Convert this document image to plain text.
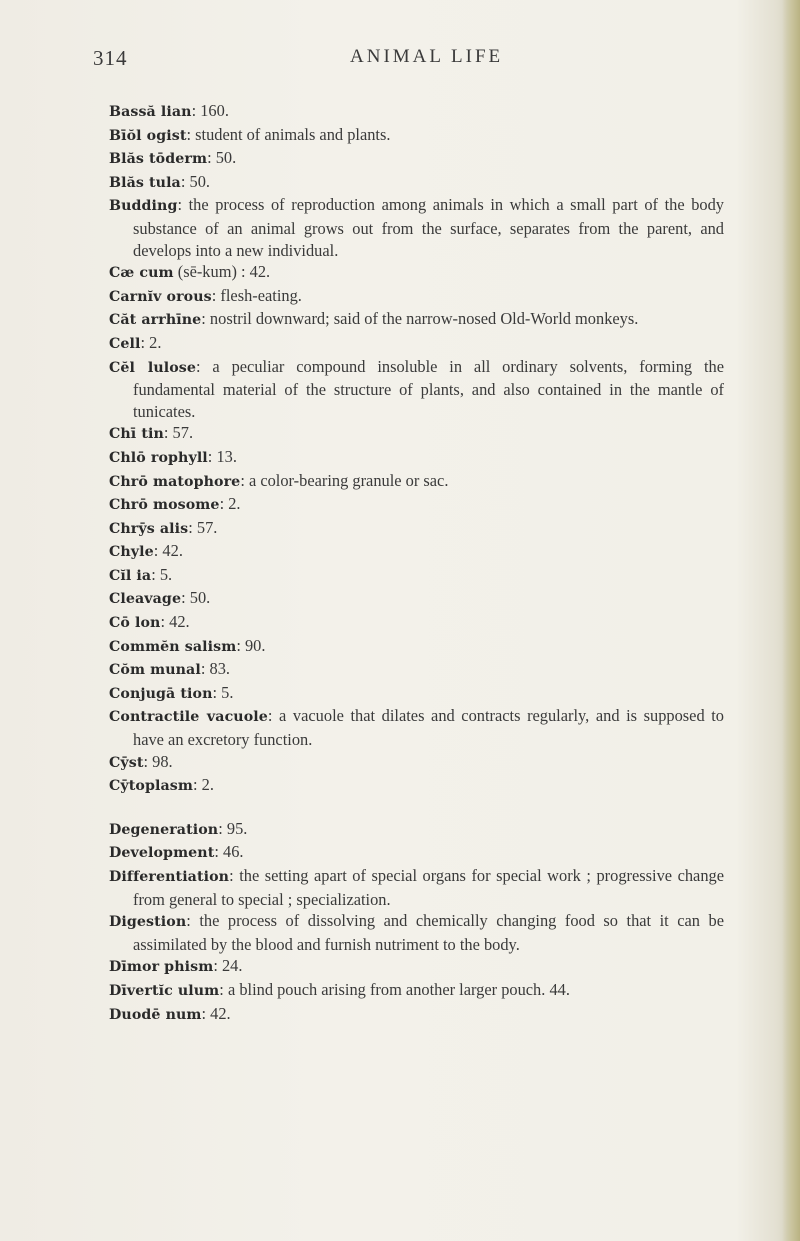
314	ANIMAL LIFE
Bassă lian: 160.
Bīŏl ogist: student of animals and plants.
Blăs tōderm: 50.
Blăs tula: 50.
Budding: the process of reproduction among animals in which a small part of the body substance of an animal grows out from the surface, separates from the parent, and develops into a new individual.
Cæ cum (sē-kum) : 42.
Carnĭv orous: flesh-eating.
Căt arrhīne: nostril downward; said of the narrow-nosed Old-World monkeys.
Cell: 2.
Cĕl lulose: a peculiar compound insoluble in all ordinary solvents, forming the fundamental material of the structure of plants, and also contained in the mantle of tunicates.
Chī tin: 57.
Chlō rophyll: 13.
Chrō matophore: a color-bearing granule or sac.
Chrō mosome: 2.
Chrȳs alis: 57.
Chyle: 42.
Cĭl ia: 5.
Cleavage: 50.
Cō lon: 42.
Commĕn salism: 90.
Cŏm munal: 83.
Conjugā tion: 5.
Contractile vacuole: a vacuole that dilates and contracts regularly, and is supposed to have an excretory function.
Cȳst: 98.
Cȳtoplasm: 2.
Degeneration: 95.
Development: 46.
Differentiation: the setting apart of special organs for special work ; progressive change from general to special ; specialization.
Digestion: the process of dissolving and chemically changing food so that it can be assimilated by the blood and furnish nutriment to the body.
Dīmor phism: 24.
Dīvertĭc ulum: a blind pouch arising from another larger pouch. 44.
Duodē num: 42.
